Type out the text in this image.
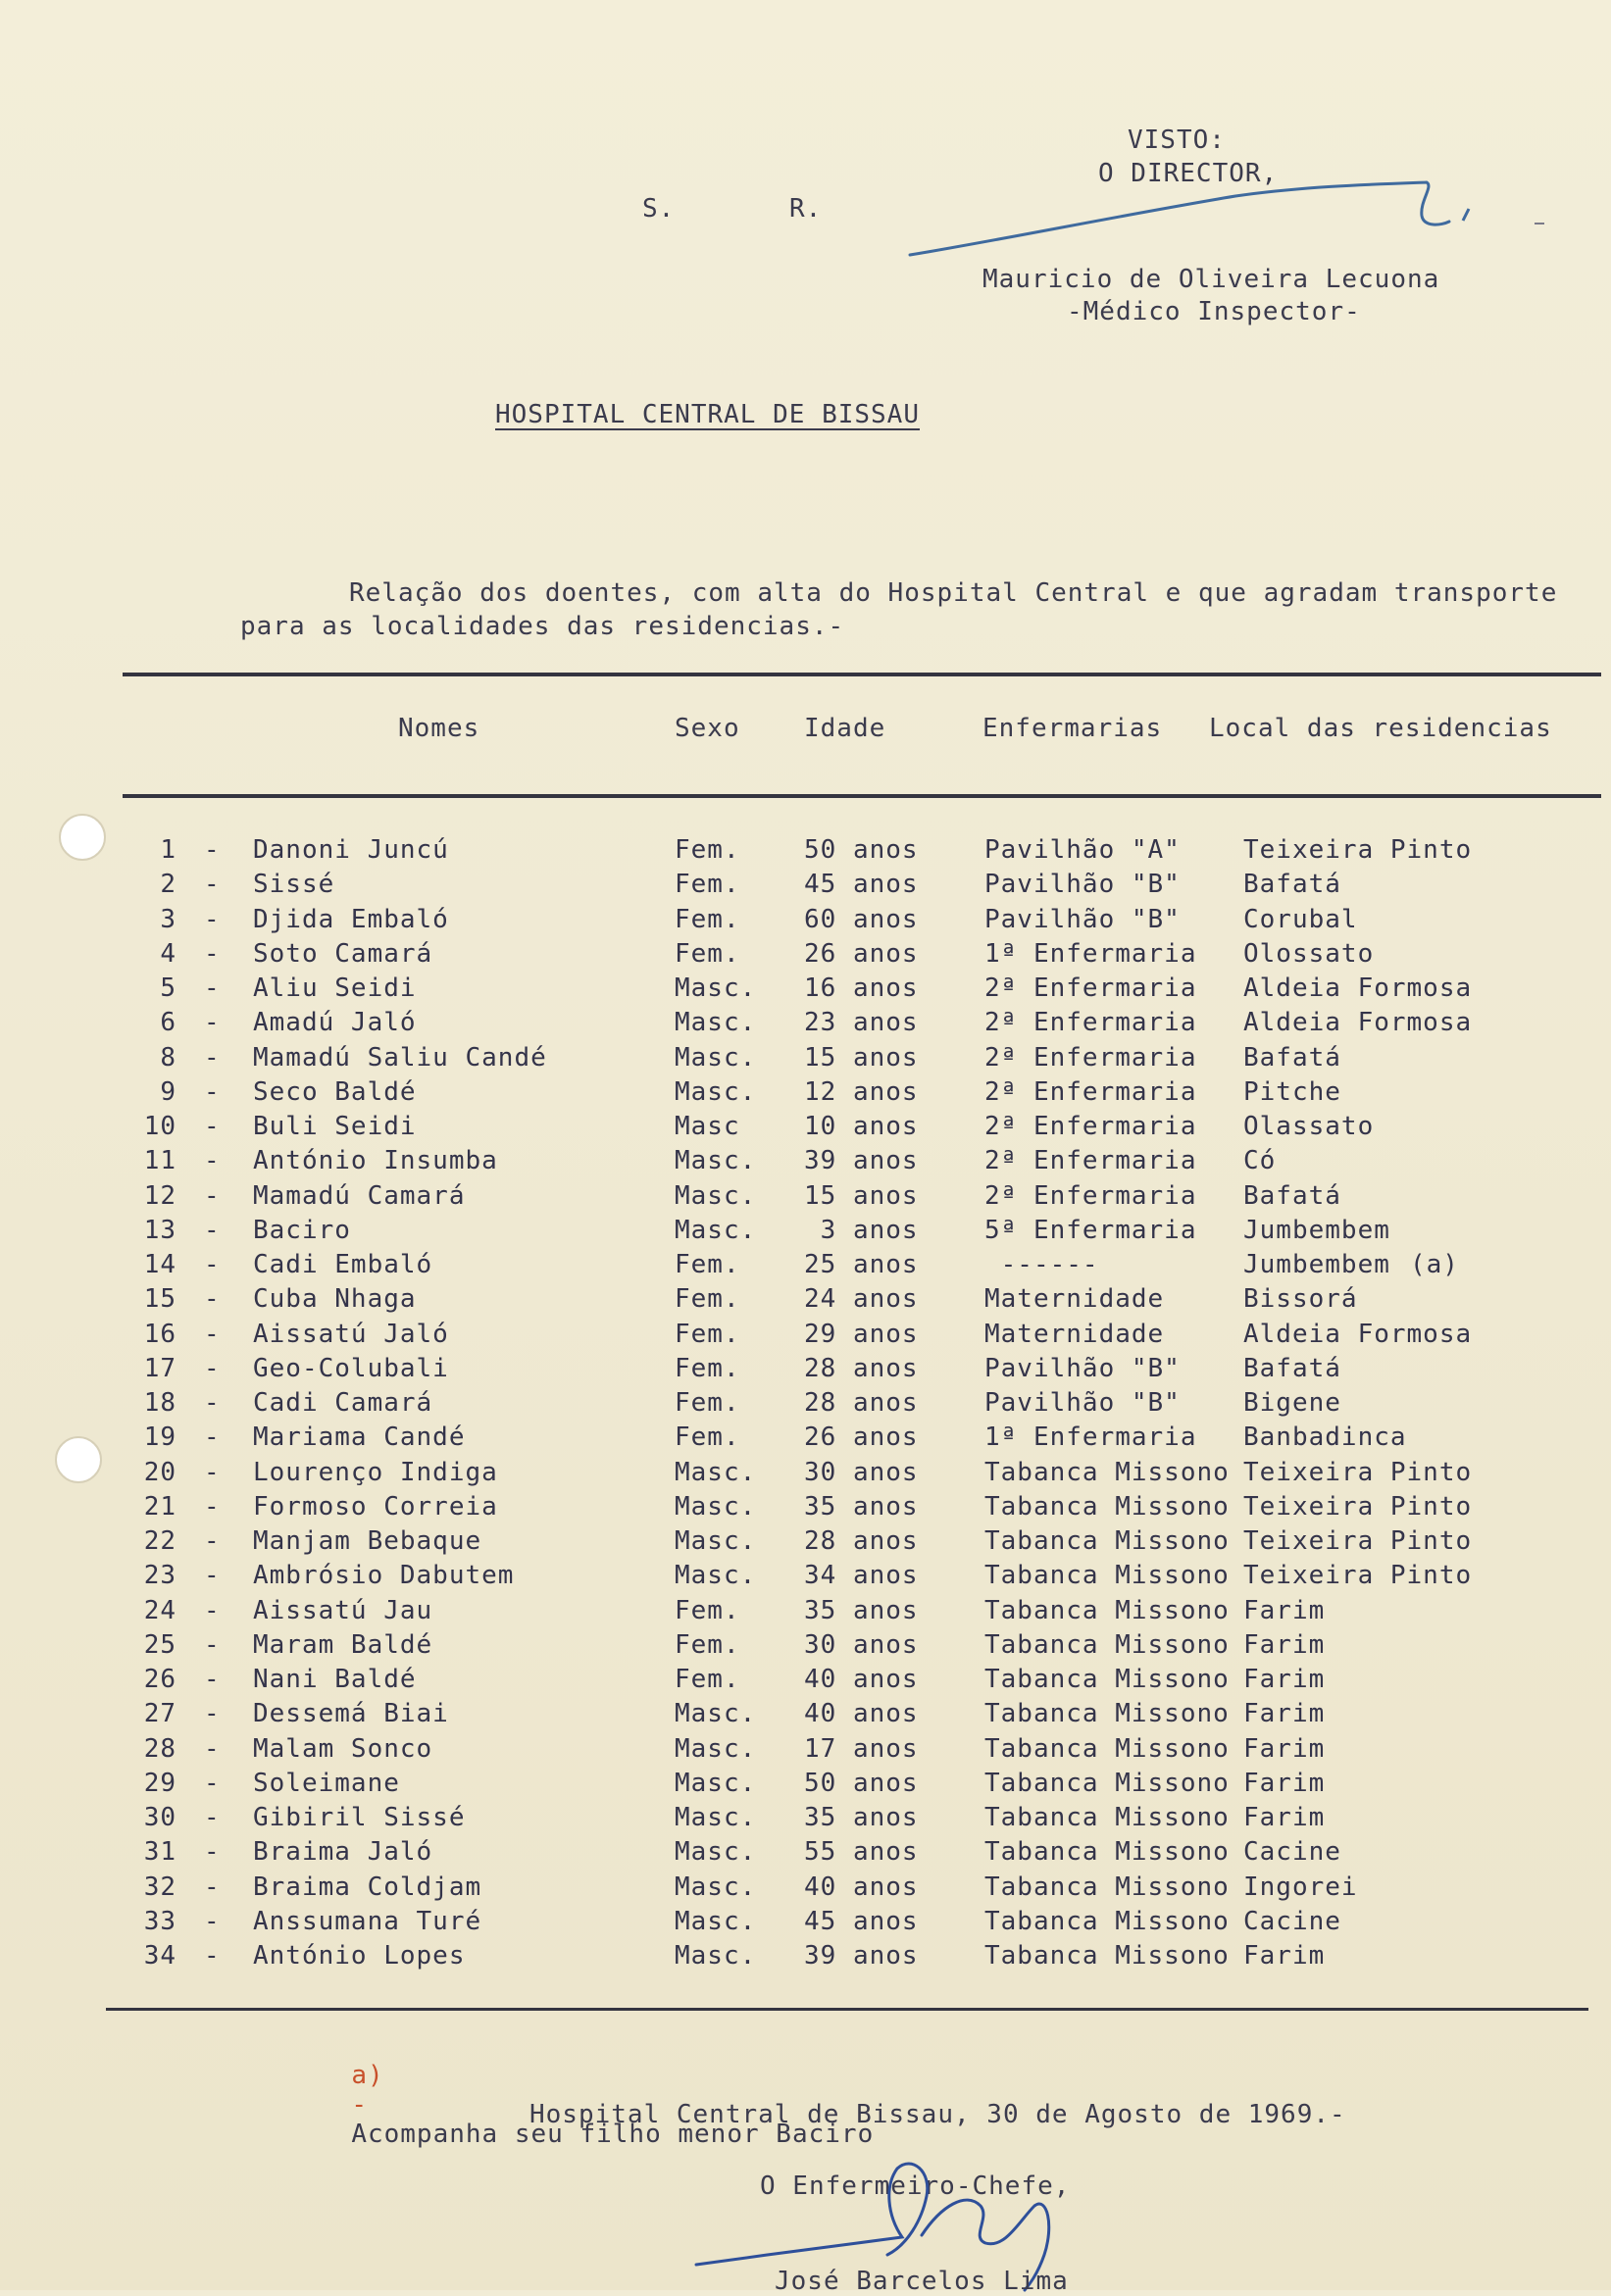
VISTO:
O DIRECTOR,
S.	R.
Mauricio de Oliveira Lecuona
-Médico Inspector-
HOSPITAL CENTRAL DE BISSAU
Relação dos doentes, com alta do Hospital Central e que agradam transporte
para as localidades das residencias.-
Nomes	Sexo	Idade	Enfermarias Local das residencias
1 - Danoni Juncú	Fem.	50 anos	Pavilhão "A" Teixeira Pinto
2 - Sissé	Fem.	45 anos	Pavilhão "B" Bafatá
3 - Djida Embaló	Fem.	60 anos	Pavilhão "B" Corubal
4 - Soto Camará	Fem.	26 anos	1ª Enfermaria Olossato
5 - Aliu Seidi	Masc. 16 anos	2ª Enfermaria Aldeia Formosa
6 - Amadú Jaló	Masc. 23 anos	2ª Enfermaria Aldeia Formosa
8 - Mamadú Saliu Candé	Masc. 15 anos	2ª Enfermaria Bafatá
9 - Seco Baldé	Masc. 12 anos	2ª Enfermaria Pitche
10 - Buli Seidi	Masc	10 anos	2ª Enfermaria Olassato
11 - António Insumba	Masc. 39 anos	2ª Enfermaria Có
12 - Mamadú Camará	Masc. 15 anos	2ª Enfermaria Bafatá
13 - Baciro	Masc. 3 anos	5ª Enfermaria Jumbembem
14 - Cadi Embaló	Fem.	25 anos	------	Jumbembem (a)
15 - Cuba Nhaga	Fem.	24 anos	Maternidade	Bissorá
16 - Aissatú Jaló	Fem.	29 anos	Maternidade	Aldeia Formosa
17 - Geo-Colubali	Fem.	28 anos	Pavilhão "B" Bafatá
18 - Cadi Camará	Fem.	28 anos	Pavilhão "B" Bigene
19 - Mariama Candé	Fem.	26 anos	1ª Enfermaria Banbadinca
20 - Lourenço Indiga	Masc. 30 anos	Tabanca Missono Teixeira Pinto
21 - Formoso Correia	Masc. 35 anos	Tabanca Missono Teixeira Pinto
22 - Manjam Bebaque	Masc. 28 anos	Tabanca Missono Teixeira Pinto
23 - Ambrósio Dabutem	Masc. 34 anos	Tabanca Missono Teixeira Pinto
24 - Aissatú Jau	Fem.	35 anos	Tabanca Missono Farim
25 - Maram Baldé	Fem.	30 anos	Tabanca Missono Farim
26 - Nani Baldé	Fem.	40 anos	Tabanca Missono Farim
27 - Dessemá Biai	Masc. 40 anos	Tabanca Missono Farim
28 - Malam Sonco	Masc. 17 anos	Tabanca Missono Farim
29 - Soleimane	Masc. 50 anos	Tabanca Missono Farim
30 - Gibiril Sissé	Masc. 35 anos	Tabanca Missono Farim
31 - Braima Jaló	Masc. 55 anos	Tabanca Missono Cacine
32 - Braima Coldjam	Masc. 40 anos	Tabanca Missono Ingorei
33 - Anssumana Turé	Masc. 45 anos	Tabanca Missono Cacine
34 - António Lopes	Masc. 39 anos	Tabanca Missono Farim

a)
-
Acompanha seu filho menor Baciro

Hospital Central de Bissau, 30 de Agosto de 1969.-
O Enfermeiro-Chefe,
José Barcelos Lima
